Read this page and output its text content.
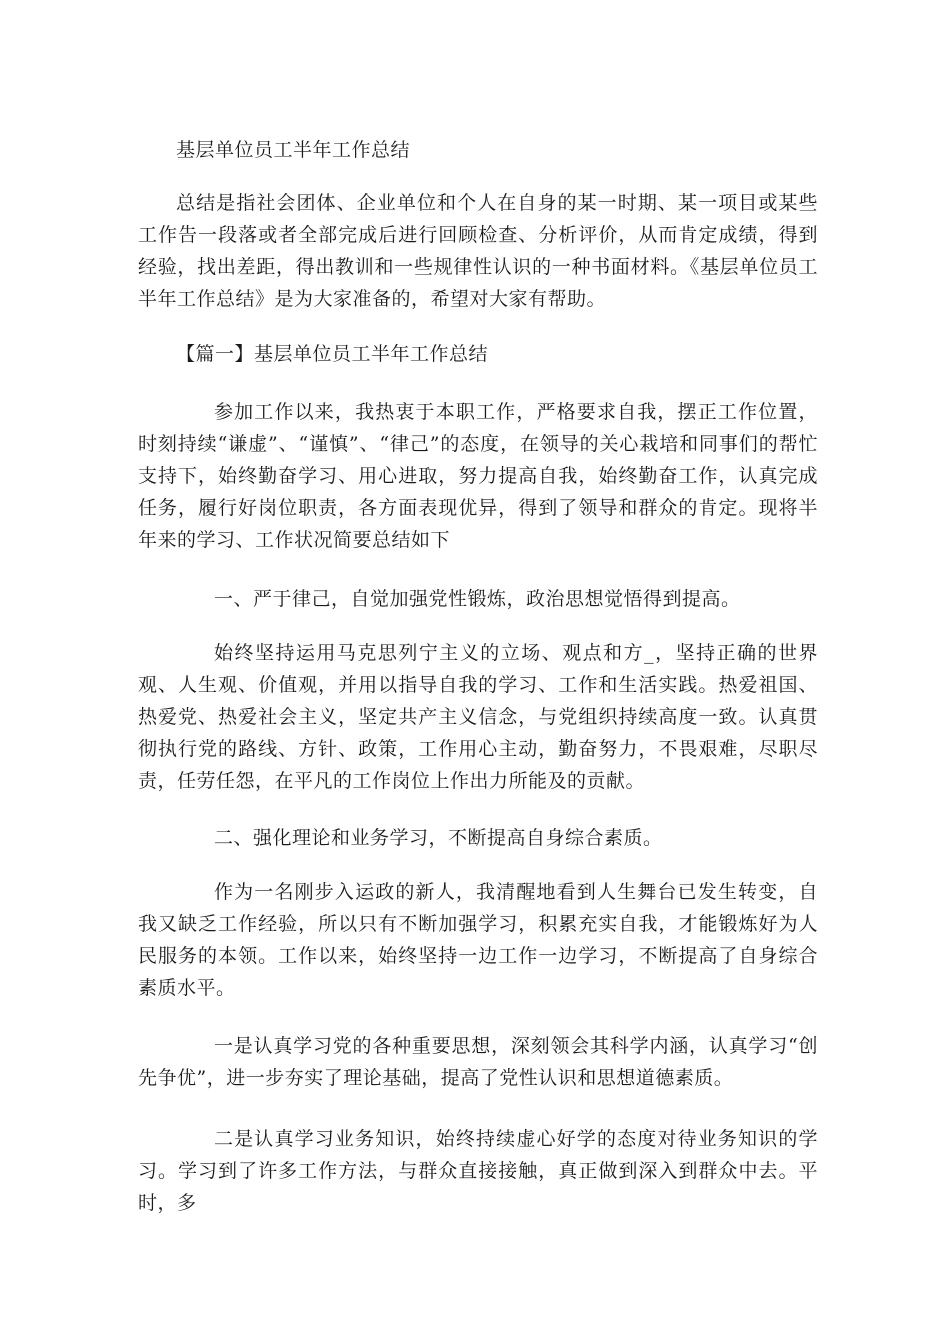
基层单位员工半年工作总结

总结是指社会团体、企业单位和个人在自身的某一时期、某一项目或某些工作告一段落或者全部完成后进行回顾检查、分析评价，从而肯定成绩，得到经验，找出差距，得出教训和一些规律性认识的一种书面材料。《基层单位员工半年工作总结》是为大家准备的，希望对大家有帮助。

【篇一】基层单位员工半年工作总结

参加工作以来，我热衷于本职工作，严格要求自我，摆正工作位置，时刻持续“谦虚”、“谨慎”、“律己”的态度，在领导的关心栽培和同事们的帮忙支持下，始终勤奋学习、用心进取，努力提高自我，始终勤奋工作，认真完成任务，履行好岗位职责，各方面表现优异，得到了领导和群众的肯定。现将半年来的学习、工作状况简要总结如下

一、严于律己，自觉加强党性锻炼，政治思想觉悟得到提高。

始终坚持运用马克思列宁主义的立场、观点和方_，坚持正确的世界观、人生观、价值观，并用以指导自我的学习、工作和生活实践。热爱祖国、热爱党、热爱社会主义，坚定共产主义信念，与党组织持续高度一致。认真贯彻执行党的路线、方针、政策，工作用心主动，勤奋努力，不畏艰难，尽职尽责，任劳任怨，在平凡的工作岗位上作出力所能及的贡献。

二、强化理论和业务学习，不断提高自身综合素质。

作为一名刚步入运政的新人，我清醒地看到人生舞台已发生转变，自我又缺乏工作经验，所以只有不断加强学习，积累充实自我，才能锻炼好为人民服务的本领。工作以来，始终坚持一边工作一边学习，不断提高了自身综合素质水平。

一是认真学习党的各种重要思想，深刻领会其科学内涵，认真学习“创先争优”，进一步夯实了理论基础，提高了党性认识和思想道德素质。

二是认真学习业务知识，始终持续虚心好学的态度对待业务知识的学习。学习到了许多工作方法，与群众直接接触，真正做到深入到群众中去。平时，多
